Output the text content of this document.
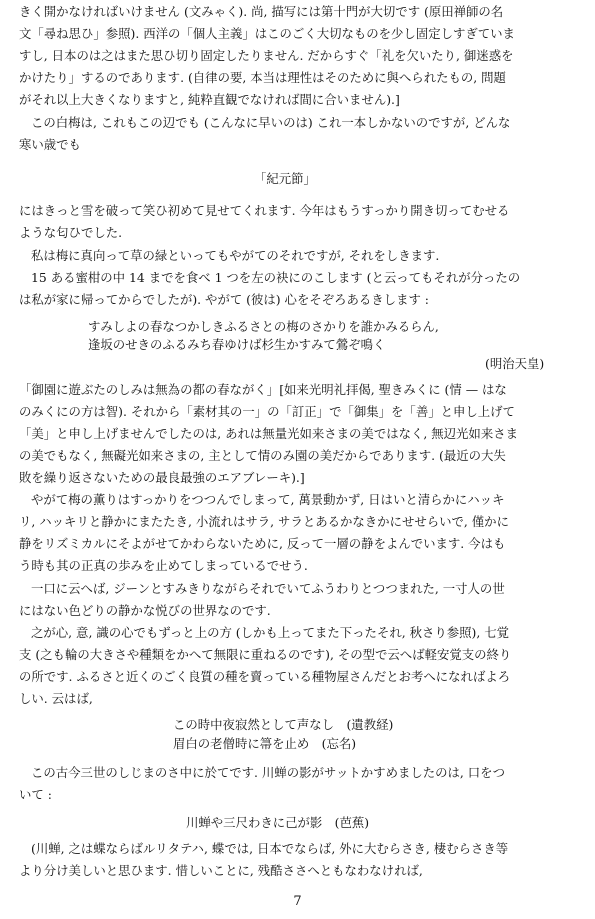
きく開かなければいけません (文みゃく). 尚, 描写には第十門が大切です (原田禅師の名
文「尋ね思ひ」参照). 西洋の「個人主義」はこのごく大切なものを少し固定しすぎていま
すし, 日本のは之はまた思ひ切り固定したりません. だからすぐ「礼を欠いたり, 御迷惑を
かけたり」するのであります. (自律の要, 本当は理性はそのために與へられたもの, 問題
がそれ以上大きくなりますと, 純粋直観でなければ間に合いません).]
この白梅は, これもこの辺でも (こんなに早いのは) これ一本しかないのですが, どんな
寒い歳でも
「紀元節」
にはきっと雪を破って笑ひ初めて見せてくれます. 今年はもうすっかり開き切ってむせる
ような匂ひでした.
私は梅に真向って草の緑といってもやがてのそれですが, それをしきます.
15 ある蜜柑の中 14 までを食べ 1 つを左の袂にのこします (と云ってもそれが分ったの
は私が家に帰ってからでしたが). やがて (彼は) 心をそぞろあるきします :
すみしよの春なつかしきふるさとの梅のさかりを誰かみるらん,
逢坂のせきのふるみち春ゆけば杉生かすみて鶯ぞ鳴く
(明治天皇)
「御園に遊ぶたのしみは無為の都の春ながく」[如来光明礼拝偈, 聖きみくに (情 — はな
のみくにの方は智). それから「素材其の一」の「訂正」で「御集」を「善」と申し上げて
「美」と申し上げませんでしたのは, あれは無量光如来さまの美ではなく, 無辺光如来さま
の美でもなく, 無礙光如来さまの, 主として情のみ園の美だからであります. (最近の大失
敗を繰り返さないための最良最強のエアブレーキ).]
やがて梅の薫りはすっかりをつつんでしまって, 萬景動かず, 日はいと清らかにハッキ
リ, ハッキリと静かにまたたき, 小流れはサラ, サラとあるかなきかにせせらいで, 僅かに
静をリズミカルにそよがせてかわらないために, 反って一層の静をよんでいます. 今はも
う時も其の正真の歩みを止めてしまっているでせう.
一口に云へば, ジーンとすみきりながらそれでいてふうわりとつつまれた, 一寸人の世
にはない色どりの静かな悦びの世界なのです.
之が心, 意, 識の心でもずっと上の方 (しかも上ってまた下ったそれ, 秋さり参照), 七覚
支 (之も輪の大きさや種類をかへて無限に重ねるのです), その型で云へば軽安覚支の終り
の所です. ふるさと近くのごく良質の種を賣っている種物屋さんだとお考へになればよろ
しい. 云はば,
この時中夜寂然として声なし　(遺教経)
眉白の老僧時に箒を止め　(忘名)
この古今三世のしじまのさ中に於てです. 川蝉の影がサットかすめましたのは, 口をつ
いて :
川蝉や三尺わきに己が影　(芭蕉)
(川蝉, 之は蝶ならばルリタテハ, 蝶では, 日本でならば, 外に大むらさき, 棲むらさき等
より分け美しいと思ひます. 惜しいことに, 残酷ささへともなわなければ,
7
